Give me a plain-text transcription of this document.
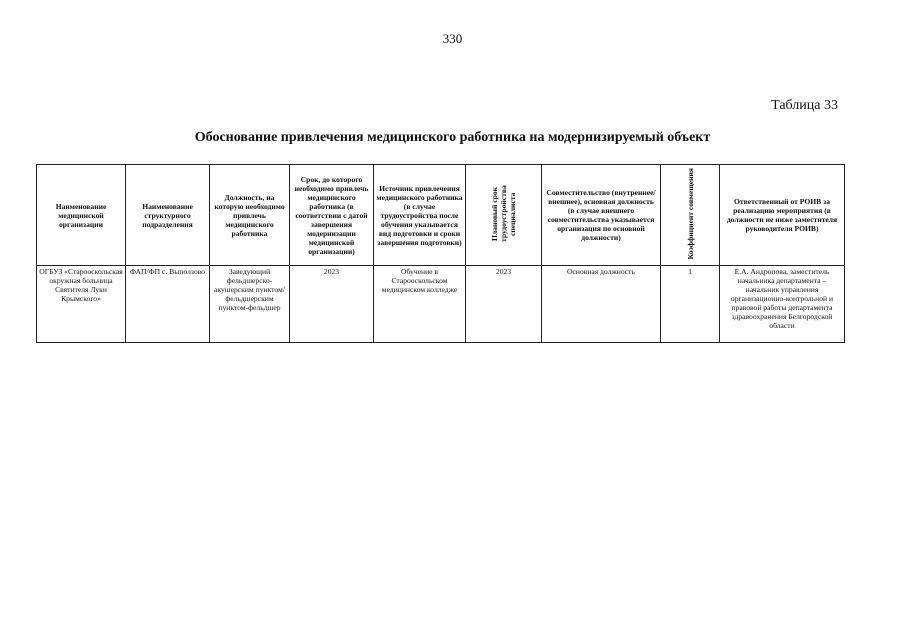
330
Таблица 33
Обоснование привлечения медицинского работника на модернизируемый объект
Наименование медицинской организации	Наименование структурного подразделения	Должность, на которую необходимо привлечь медицинского работника	Срок, до которого необходимо привлечь медицинского работника (в соответствии с датой завершения модернизации медицинской организации)	Источник привлечения медицинского работника (в случае трудоустройства после обучения указывается вид подготовки и сроки завершения подготовки)	Плановый срок трудоустройства специалиста	Совместительство (внутреннее/ внешнее), основная должность (в случае внешнего совместительства указывается организация по основной должности)	Коэффициент совмещения	Ответственный от РОИВ за реализацию мероприятия (в должности не ниже заместителя руководителя РОИВ)
ОГБУЗ «Старооскольская окружная больница Святителя Луки Крымского»	ФАП/ФП с. Выползово	Заведующий фельдшерско-акушерским пунктом/фельдшерским пунктом-фельдшер	2023	Обучение в Старооскольском медицинском колледже	2023	Основная должность	1	Е.А. Андропова, заместитель начальника департамента – начальник управления организационно-контрольной и правовой работы департамента здравоохранения Белгородской области
